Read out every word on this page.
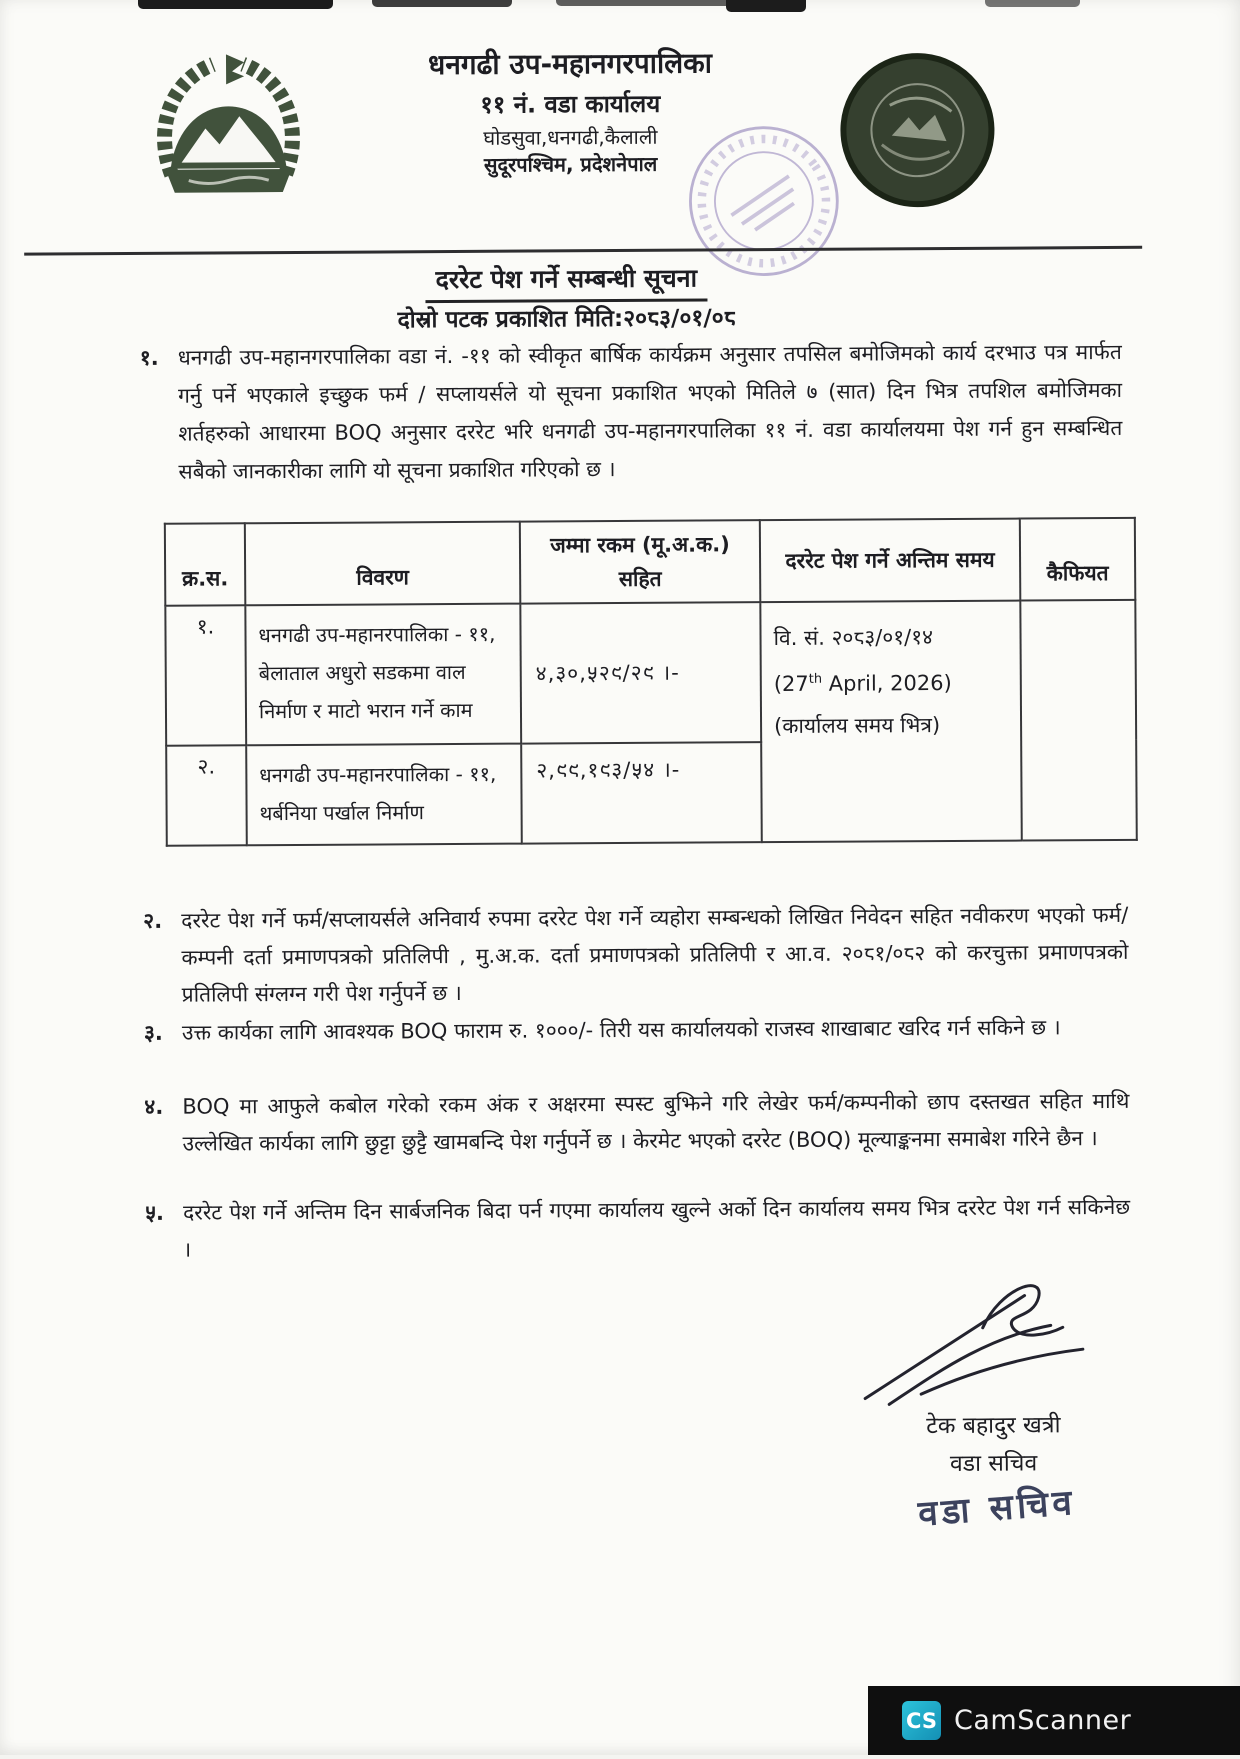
धनगढी उप-महानगरपालिका
११ नं. वडा कार्यालय
घोडसुवा,धनगढी,कैलाली
सुदूरपश्चिम, प्रदेशनेपाल
दररेट पेश गर्ने सम्बन्धी सूचना
दोस्रो पटक प्रकाशित मिति:२०८३/०१/०८
१. धनगढी उप-महानगरपालिका वडा नं. -११ को स्वीकृत बार्षिक कार्यक्रम अनुसार तपसिल बमोजिमको कार्य दरभाउ पत्र मार्फत गर्नु पर्ने भएकाले इच्छुक फर्म / सप्लायर्सले यो सूचना प्रकाशित भएको मितिले ७ (सात) दिन भित्र तपशिल बमोजिमका शर्तहरुको आधारमा BOQ अनुसार दररेट भरि धनगढी उप-महानगरपालिका ११ नं. वडा कार्यालयमा पेश गर्न हुन सम्बन्धित सबैको जानकारीका लागि यो सूचना प्रकाशित गरिएको छ ।
क्र.स.	विवरण	जम्मा रकम (मू.अ.क.) सहित	दररेट पेश गर्ने अन्तिम समय	कैफियत
१.	धनगढी उप-महानरपालिका - ११, बेलाताल अधुरो सडकमा वाल निर्माण र माटो भरान गर्ने काम	४,३०,५२९/२९ ।-	वि. सं. २०८३/०१/१४
(27th April, 2026)
(कार्यालय समय भित्र)	

२.	धनगढी उप-महानरपालिका - ११, थर्बनिया पर्खाल निर्माण	२,९९,१९३/५४ ।-		
२. दररेट पेश गर्ने फर्म/सप्लायर्सले अनिवार्य रुपमा दररेट पेश गर्ने व्यहोरा सम्बन्धको लिखित निवेदन सहित नवीकरण भएको फर्म/ कम्पनी दर्ता प्रमाणपत्रको प्रतिलिपी , मु.अ.क. दर्ता प्रमाणपत्रको प्रतिलिपी र आ.व. २०८१/०८२ को करचुक्ता प्रमाणपत्रको प्रतिलिपी संग्लग्न गरी पेश गर्नुपर्ने छ ।
३. उक्त कार्यका लागि आवश्यक BOQ फाराम रु. १०००/- तिरी यस कार्यालयको राजस्व शाखाबाट खरिद गर्न सकिने छ ।
४. BOQ मा आफुले कबोल गरेको रकम अंक र अक्षरमा स्पस्ट बुझिने गरि लेखेर फर्म/कम्पनीको छाप दस्तखत सहित माथि उल्लेखित कार्यका लागि छुट्टा छुट्टै खामबन्दि पेश गर्नुपर्ने छ । केरमेट भएको दररेट (BOQ) मूल्याङ्कनमा समाबेश गरिने छैन ।
५. दररेट पेश गर्ने अन्तिम दिन सार्बजनिक बिदा पर्न गएमा कार्यालय खुल्ने अर्को दिन कार्यालय समय भित्र दररेट पेश गर्न सकिनेछ ।
टेक बहादुर खत्री
वडा सचिव
वडा सचिव
CS CamScanner
